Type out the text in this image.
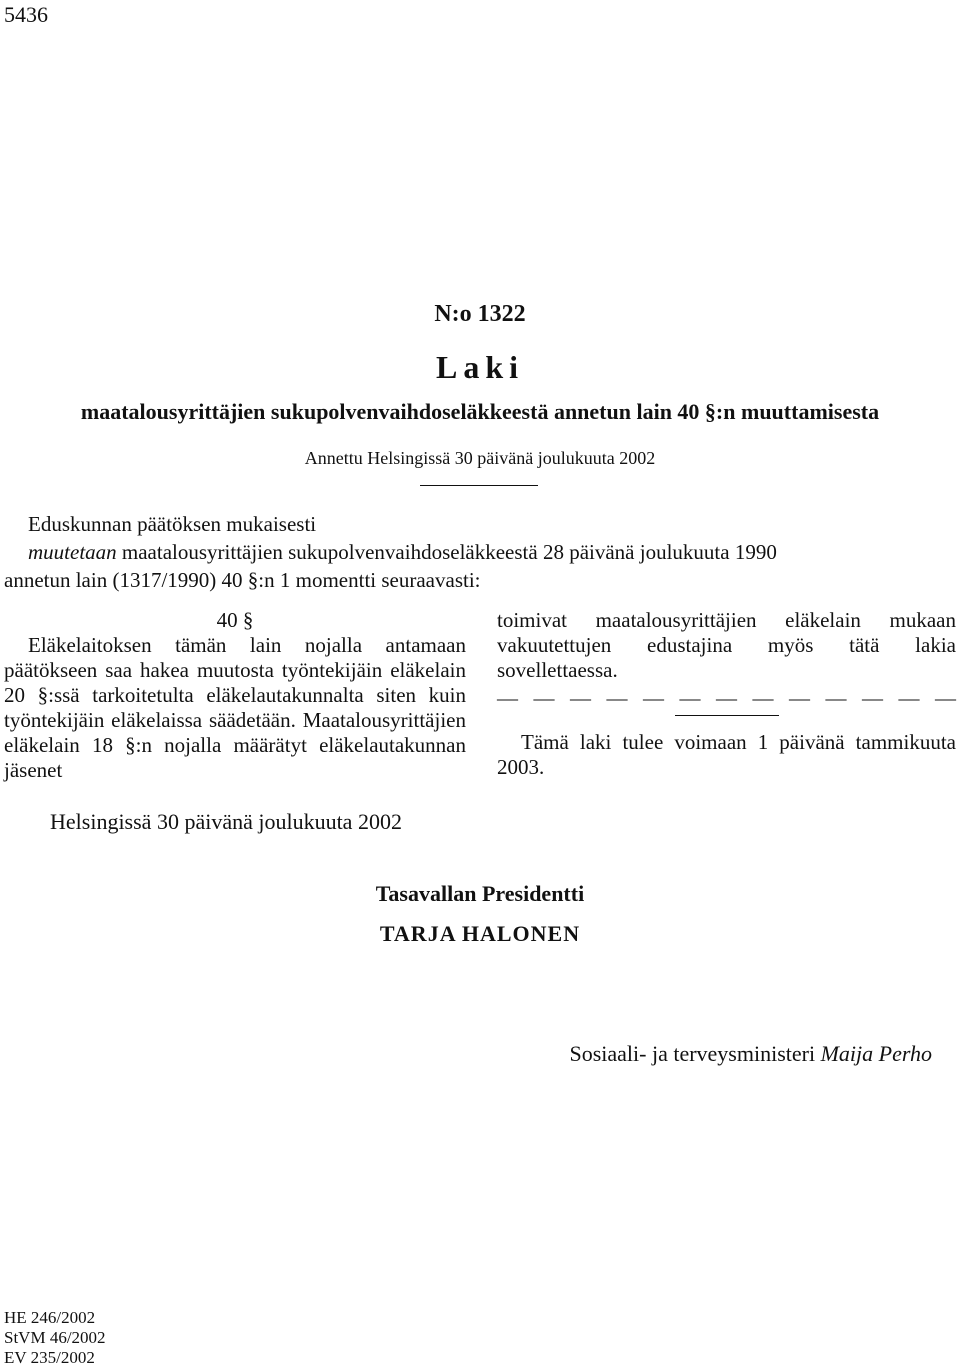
5436
N:o 1322
Laki
maatalousyrittäjien sukupolvenvaihdoseläkkeestä annetun lain 40 §:n muuttamisesta
Annettu Helsingissä 30 päivänä joulukuuta 2002
Eduskunnan päätöksen mukaisesti
muutetaan maatalousyrittäjien sukupolvenvaihdoseläkkeestä 28 päivänä joulukuuta 1990
annetun lain (1317/1990) 40 §:n 1 momentti seuraavasti:
40 §
Eläkelaitoksen tämän lain nojalla antamaan päätökseen saa hakea muutosta työntekijäin eläkelain 20 §:ssä tarkoitetulta eläkelautakunnalta siten kuin työntekijäin eläkelaissa säädetään. Maatalousyrittäjien eläkelain 18 §:n nojalla määrätyt eläkelautakunnan jäsenet
toimivat maatalousyrittäjien eläkelain mukaan vakuutettujen edustajina myös tätä lakia sovellettaessa.
— — — — — — — — — — — — —
Tämä laki tulee voimaan 1 päivänä tammikuuta 2003.
Helsingissä 30 päivänä joulukuuta 2002
Tasavallan Presidentti
TARJA HALONEN
Sosiaali- ja terveysministeri Maija Perho
HE 246/2002
StVM 46/2002
EV 235/2002
